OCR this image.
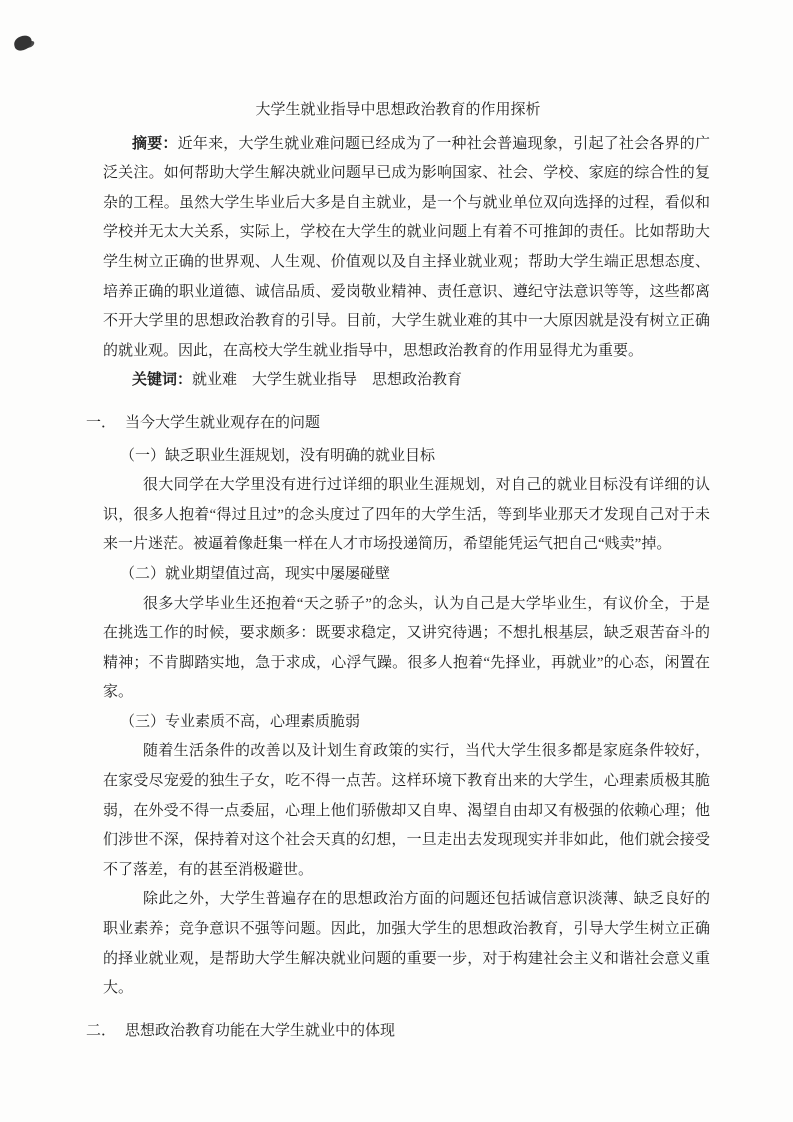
大学生就业指导中思想政治教育的作用探析

摘要：近年来，大学生就业难问题已经成为了一种社会普遍现象，引起了社会各界的广泛关注。如何帮助大学生解决就业问题早已成为影响国家、社会、学校、家庭的综合性的复杂的工程。虽然大学生毕业后大多是自主就业，是一个与就业单位双向选择的过程，看似和学校并无太大关系，实际上，学校在大学生的就业问题上有着不可推卸的责任。比如帮助大学生树立正确的世界观、人生观、价值观以及自主择业就业观；帮助大学生端正思想态度、培养正确的职业道德、诚信品质、爱岗敬业精神、责任意识、遵纪守法意识等等，这些都离不开大学里的思想政治教育的引导。目前，大学生就业难的其中一大原因就是没有树立正确的就业观。因此，在高校大学生就业指导中，思想政治教育的作用显得尤为重要。

关键词：就业难　大学生就业指导　思想政治教育

一． 当今大学生就业观存在的问题

（一）缺乏职业生涯规划，没有明确的就业目标

很大同学在大学里没有进行过详细的职业生涯规划，对自己的就业目标没有详细的认识，很多人抱着“得过且过”的念头度过了四年的大学生活，等到毕业那天才发现自己对于未来一片迷茫。被逼着像赶集一样在人才市场投递简历，希望能凭运气把自己“贱卖”掉。

（二）就业期望值过高，现实中屡屡碰壁

很多大学毕业生还抱着“天之骄子”的念头，认为自己是大学毕业生，有议价全，于是在挑选工作的时候，要求颇多：既要求稳定，又讲究待遇；不想扎根基层，缺乏艰苦奋斗的精神；不肯脚踏实地，急于求成，心浮气躁。很多人抱着“先择业，再就业”的心态，闲置在家。

（三）专业素质不高，心理素质脆弱

随着生活条件的改善以及计划生育政策的实行，当代大学生很多都是家庭条件较好，在家受尽宠爱的独生子女，吃不得一点苦。这样环境下教育出来的大学生，心理素质极其脆弱，在外受不得一点委屈，心理上他们骄傲却又自卑、渴望自由却又有极强的依赖心理；他们涉世不深，保持着对这个社会天真的幻想，一旦走出去发现现实并非如此，他们就会接受不了落差，有的甚至消极避世。

除此之外，大学生普遍存在的思想政治方面的问题还包括诚信意识淡薄、缺乏良好的职业素养；竞争意识不强等问题。因此，加强大学生的思想政治教育，引导大学生树立正确的择业就业观，是帮助大学生解决就业问题的重要一步，对于构建社会主义和谐社会意义重大。

二． 思想政治教育功能在大学生就业中的体现
